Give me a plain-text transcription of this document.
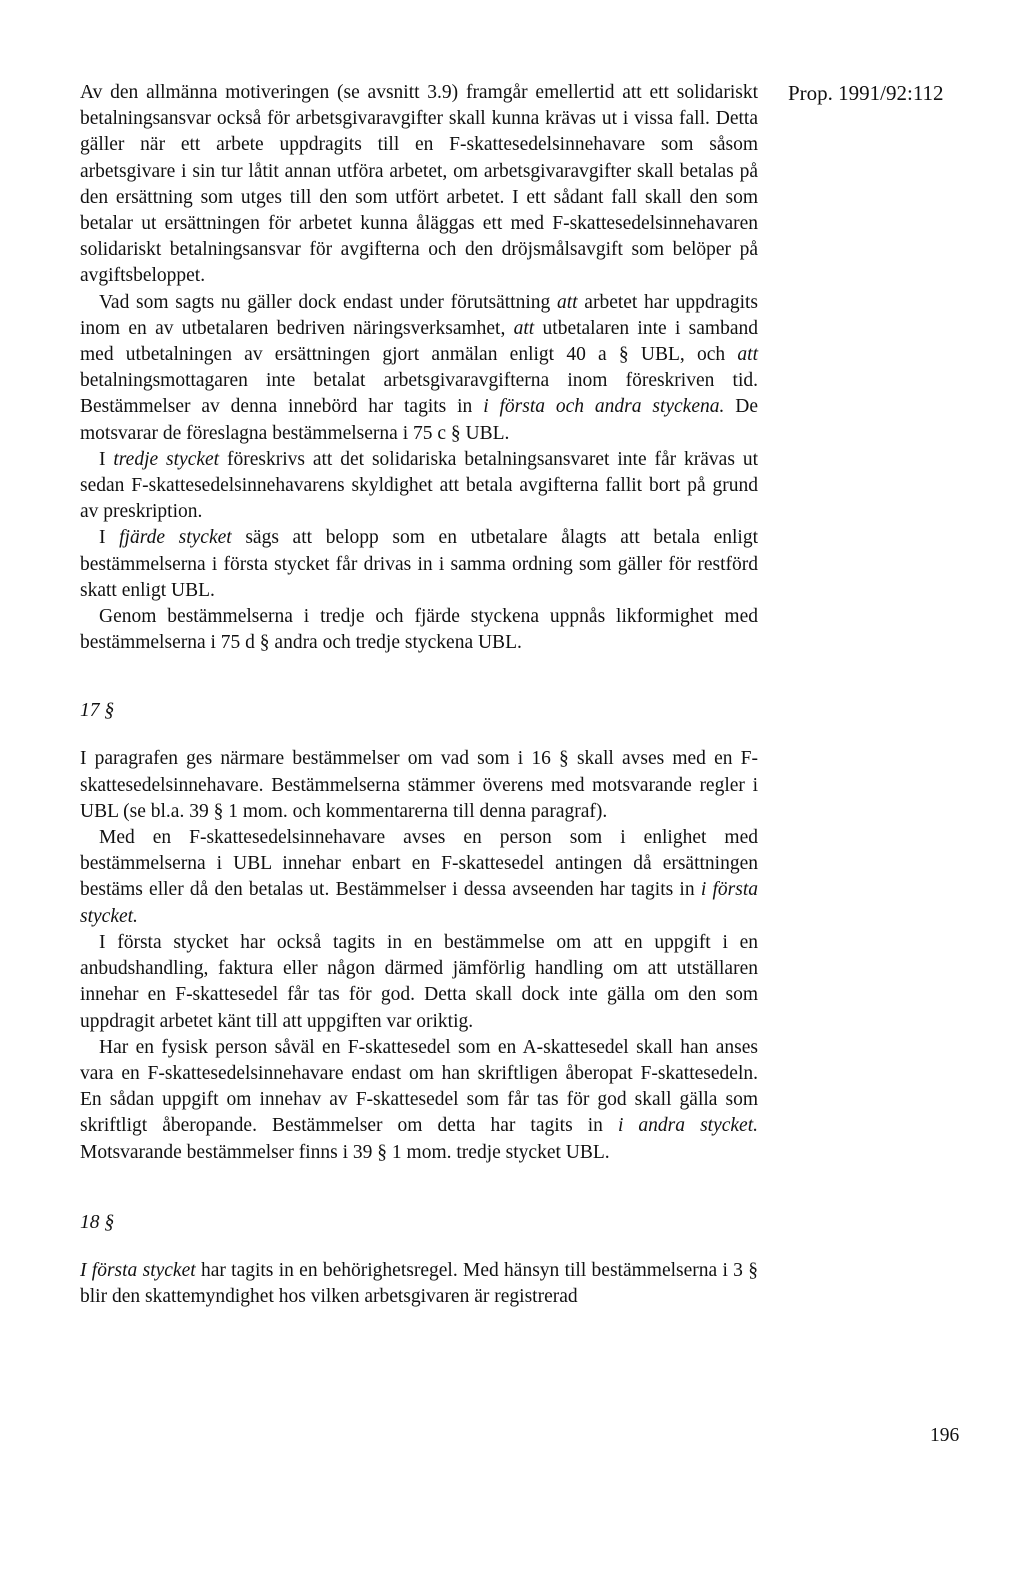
Prop. 1991/92:112

Av den allmänna motiveringen (se avsnitt 3.9) framgår emellertid att ett solidariskt betalningsansvar också för arbetsgivaravgifter skall kunna krävas ut i vissa fall. Detta gäller när ett arbete uppdragits till en F-skattesedelsinnehavare som såsom arbetsgivare i sin tur låtit annan utföra arbetet, om arbetsgivaravgifter skall betalas på den ersättning som utges till den som utfört arbetet. I ett sådant fall skall den som betalar ut ersättningen för arbetet kunna åläggas ett med F-skattesedelsinnehavaren solidariskt betalningsansvar för avgifterna och den dröjsmålsavgift som belöper på avgiftsbeloppet.

Vad som sagts nu gäller dock endast under förutsättning att arbetet har uppdragits inom en av utbetalaren bedriven näringsverksamhet, att utbetalaren inte i samband med utbetalningen av ersättningen gjort anmälan enligt 40 a § UBL, och att betalningsmottagaren inte betalat arbetsgivaravgifterna inom föreskriven tid. Bestämmelser av denna innebörd har tagits in i första och andra styckena. De motsvarar de föreslagna bestämmelserna i 75 c § UBL.

I tredje stycket föreskrivs att det solidariska betalningsansvaret inte får krävas ut sedan F-skattesedelsinnehavarens skyldighet att betala avgifterna fallit bort på grund av preskription.

I fjärde stycket sägs att belopp som en utbetalare ålagts att betala enligt bestämmelserna i första stycket får drivas in i samma ordning som gäller för restförd skatt enligt UBL.

Genom bestämmelserna i tredje och fjärde styckena uppnås likformighet med bestämmelserna i 75 d § andra och tredje styckena UBL.

17 §

I paragrafen ges närmare bestämmelser om vad som i 16 § skall avses med en F-skattesedelsinnehavare. Bestämmelserna stämmer överens med motsvarande regler i UBL (se bl.a. 39 § 1 mom. och kommentarerna till denna paragraf).

Med en F-skattesedelsinnehavare avses en person som i enlighet med bestämmelserna i UBL innehar enbart en F-skattesedel antingen då ersättningen bestäms eller då den betalas ut. Bestämmelser i dessa avseenden har tagits in i första stycket.

I första stycket har också tagits in en bestämmelse om att en uppgift i en anbudshandling, faktura eller någon därmed jämförlig handling om att utställaren innehar en F-skattesedel får tas för god. Detta skall dock inte gälla om den som uppdragit arbetet känt till att uppgiften var oriktig.

Har en fysisk person såväl en F-skattesedel som en A-skattesedel skall han anses vara en F-skattesedelsinnehavare endast om han skriftligen åberopat F-skattesedeln. En sådan uppgift om innehav av F-skattesedel som får tas för god skall gälla som skriftligt åberopande. Bestämmelser om detta har tagits in i andra stycket. Motsvarande bestämmelser finns i 39 § 1 mom. tredje stycket UBL.

18 §

I första stycket har tagits in en behörighetsregel. Med hänsyn till bestämmelserna i 3 § blir den skattemyndighet hos vilken arbetsgivaren är registrerad

196
